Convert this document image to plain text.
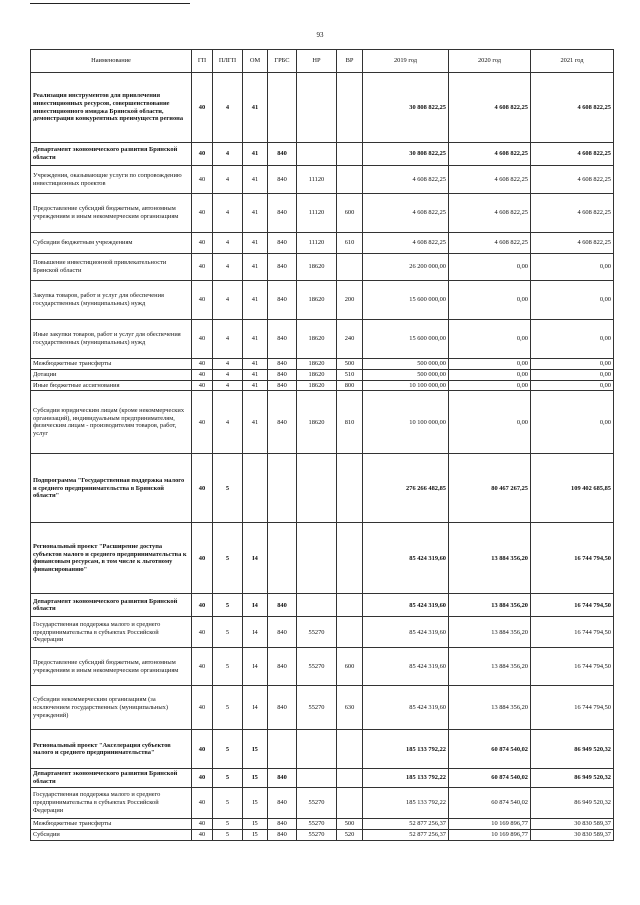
93
Наименование	ГП	ПЛГП	ОМ	ГРБС	НР	ВР	2019 год	2020 год	2021 год
Реализация инструментов для привлечения инвестиционных ресурсов, совершенствование инвестиционного имиджа Брянской области, демонстрация конкурентных преимуществ региона	40	4	41				30 808 822,25	4 608 822,25	4 608 822,25
Департамент экономического развития Брянской области	40	4	41	840			30 808 822,25	4 608 822,25	4 608 822,25
Учреждения, оказывающие услуги по сопровождению инвестиционных проектов	40	4	41	840	11120		4 608 822,25	4 608 822,25	4 608 822,25
Предоставление субсидий бюджетным, автономным учреждениям и иным некоммерческим организациям	40	4	41	840	11120	600	4 608 822,25	4 608 822,25	4 608 822,25
Субсидии бюджетным учреждениям	40	4	41	840	11120	610	4 608 822,25	4 608 822,25	4 608 822,25
Повышение инвестиционной привлекательности Брянской области	40	4	41	840	18620		26 200 000,00	0,00	0,00
Закупка товаров, работ и услуг для обеспечения государственных (муниципальных) нужд	40	4	41	840	18620	200	15 600 000,00	0,00	0,00
Иные закупки товаров, работ и услуг для обеспечения государственных (муниципальных) нужд	40	4	41	840	18620	240	15 600 000,00	0,00	0,00
Межбюджетные трансферты	40	4	41	840	18620	500	500 000,00	0,00	0,00
Дотации	40	4	41	840	18620	510	500 000,00	0,00	0,00
Иные бюджетные ассигнования	40	4	41	840	18620	800	10 100 000,00	0,00	0,00
Субсидии юридическим лицам (кроме некоммерческих организаций), индивидуальным предпринимателям, физическим лицам - производителям товаров, работ, услуг	40	4	41	840	18620	810	10 100 000,00	0,00	0,00
Подпрограмма "Государственная поддержка малого и среднего предпринимательства в Брянской области"	40	5					276 266 482,85	80 467 267,25	109 402 685,85
Региональный проект "Расширение доступа субъектов малого и среднего предпринимательства к финансовым ресурсам, в том числе к льготному финансированию"	40	5	I4				85 424 319,60	13 884 356,20	16 744 794,50
Департамент экономического развития Брянской области	40	5	I4	840			85 424 319,60	13 884 356,20	16 744 794,50
Государственная поддержка малого и среднего предпринимательства в субъектах Российской Федерации	40	5	I4	840	55270		85 424 319,60	13 884 356,20	16 744 794,50
Предоставление субсидий бюджетным, автономным учреждениям и иным некоммерческим организациям	40	5	I4	840	55270	600	85 424 319,60	13 884 356,20	16 744 794,50
Субсидии некоммерческим организациям (за исключением государственных (муниципальных) учреждений)	40	5	I4	840	55270	630	85 424 319,60	13 884 356,20	16 744 794,50
Региональный проект "Акселерация субъектов малого и среднего предпринимательства"	40	5	I5				185 133 792,22	60 874 540,02	86 949 520,32
Департамент экономического развития Брянской области	40	5	I5	840			185 133 792,22	60 874 540,02	86 949 520,32
Государственная поддержка малого и среднего предпринимательства в субъектах Российской Федерации	40	5	I5	840	55270		185 133 792,22	60 874 540,02	86 949 520,32
Межбюджетные трансферты	40	5	I5	840	55270	500	52 877 256,37	10 169 896,77	30 830 589,37
Субсидии	40	5	I5	840	55270	520	52 877 256,37	10 169 896,77	30 830 589,37
